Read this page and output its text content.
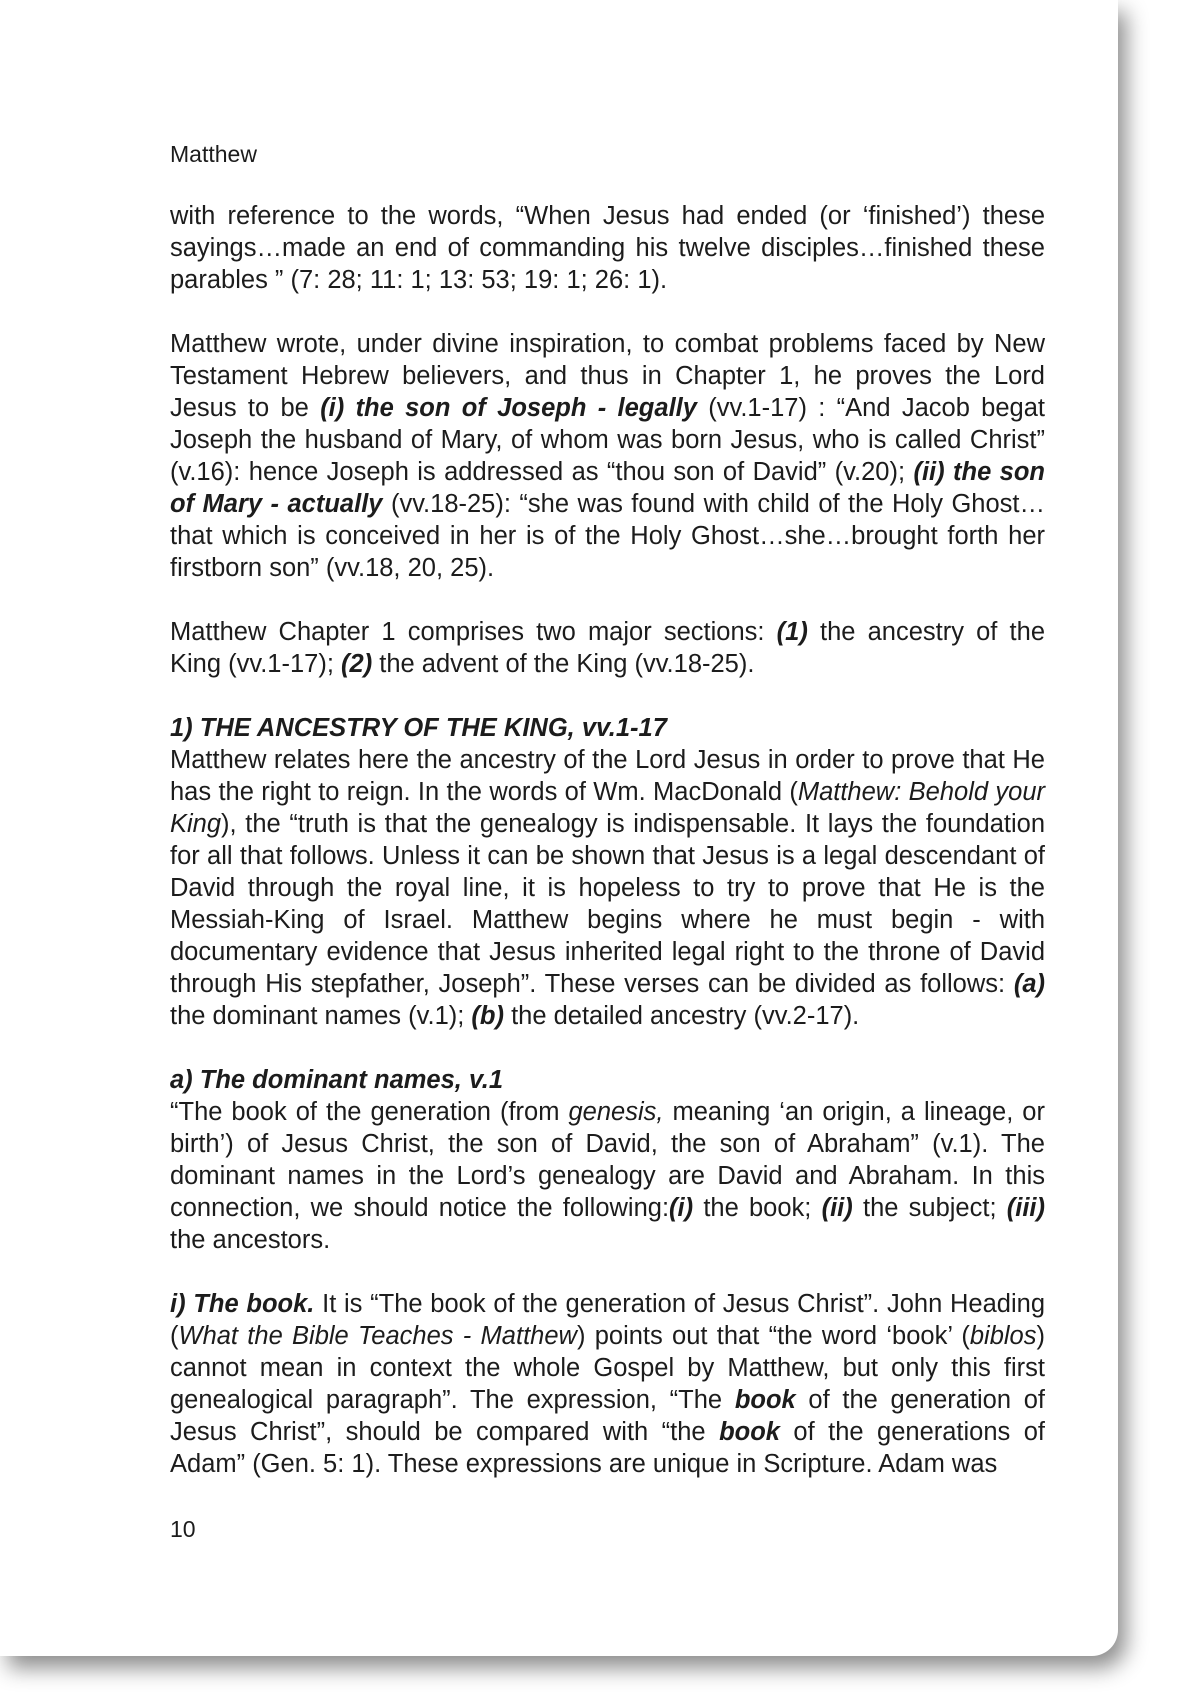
Matthew

with reference to the words, “When Jesus had ended (or ‘finished’) these sayings…made an end of commanding his twelve disciples…finished these parables ” (7: 28; 11: 1; 13: 53; 19: 1; 26: 1).

Matthew wrote, under divine inspiration, to combat problems faced by New Testament Hebrew believers, and thus in Chapter 1, he proves the Lord Jesus to be (i) the son of Joseph - legally (vv.1-17) : “And Jacob begat Joseph the husband of Mary, of whom was born Jesus, who is called Christ” (v.16): hence Joseph is addressed as “thou son of David” (v.20); (ii) the son of Mary - actually (vv.18-25): “she was found with child of the Holy Ghost…that which is conceived in her is of the Holy Ghost…she…brought forth her firstborn son” (vv.18, 20, 25).

Matthew Chapter 1 comprises two major sections: (1) the ancestry of the King (vv.1-17); (2) the advent of the King (vv.18-25).

1) THE ANCESTRY OF THE KING, vv.1-17

Matthew relates here the ancestry of the Lord Jesus in order to prove that He has the right to reign. In the words of Wm. MacDonald (Matthew: Behold your King), the “truth is that the genealogy is indispensable. It lays the foundation for all that follows. Unless it can be shown that Jesus is a legal descendant of David through the royal line, it is hopeless to try to prove that He is the Messiah-King of Israel. Matthew begins where he must begin - with documentary evidence that Jesus inherited legal right to the throne of David through His stepfather, Joseph”. These verses can be divided as follows: (a) the dominant names (v.1); (b) the detailed ancestry (vv.2-17).

a) The dominant names, v.1

“The book of the generation (from genesis, meaning ‘an origin, a lineage, or birth’) of Jesus Christ, the son of David, the son of Abraham” (v.1). The dominant names in the Lord’s genealogy are David and Abraham. In this connection, we should notice the following:(i) the book; (ii) the subject; (iii) the ancestors.

i) The book. It is “The book of the generation of Jesus Christ”. John Heading (What the Bible Teaches - Matthew) points out that “the word ‘book’ (biblos) cannot mean in context the whole Gospel by Matthew, but only this first genealogical paragraph”. The expression, “The book of the generation of Jesus Christ”, should be compared with “the book of the generations of Adam” (Gen. 5: 1). These expressions are unique in Scripture. Adam was

10
